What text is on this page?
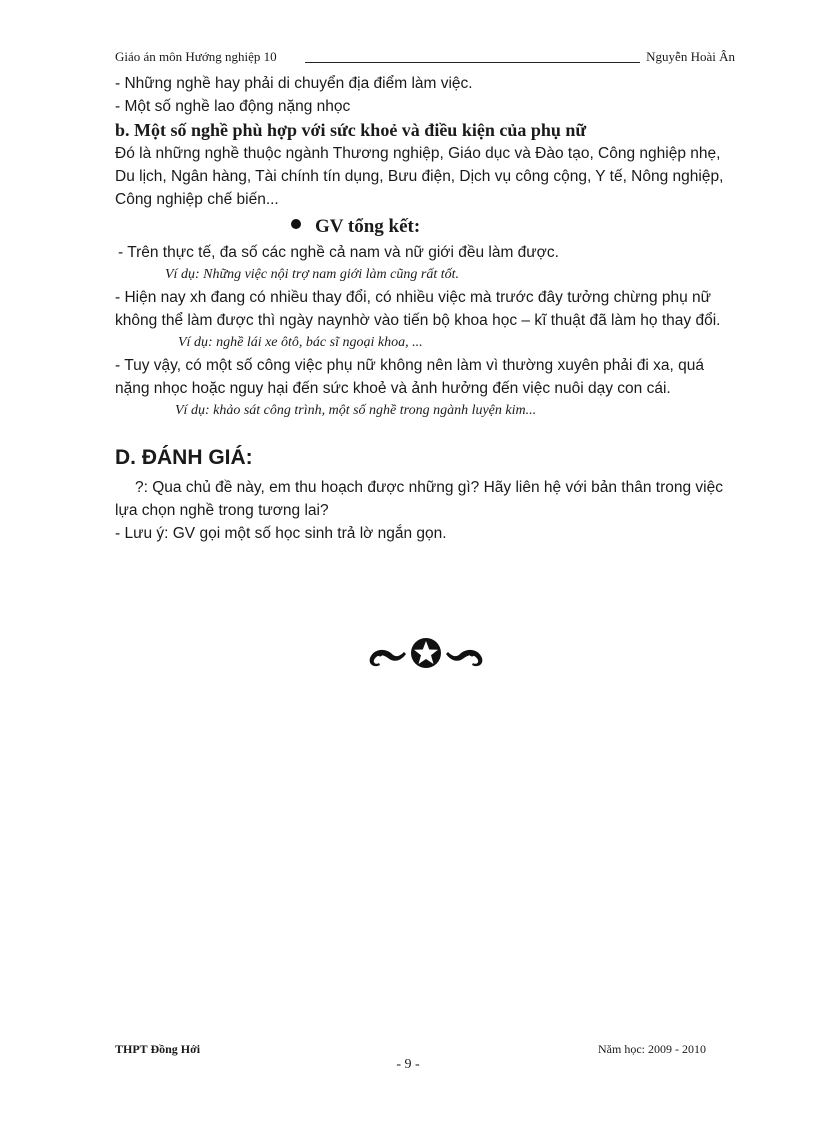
Giáo án môn Hướng nghiệp 10	Nguyễn Hoài Ân

- Những nghề hay phải di chuyển địa điểm làm việc.

- Một số nghề lao động nặng nhọc

b. Một số nghề phù hợp với sức khoẻ và điều kiện của phụ nữ

Đó là những nghề thuộc ngành Thương nghiệp, Giáo dục và Đào tạo, Công nghiệp nhẹ, Du lịch, Ngân hàng, Tài chính tín dụng, Bưu điện, Dịch vụ công cộng, Y tế, Nông nghiệp, Công nghiệp chế biến...

GV tổng kết:

- Trên thực tế, đa số các nghề cả nam và nữ giới đều làm được.

Ví dụ: Những việc nội trợ nam giới làm cũng rất tốt.

- Hiện nay xh đang có nhiều thay đổi, có nhiều việc mà trước đây tưởng chừng phụ nữ không thể làm được thì ngày naynhờ vào tiến bộ khoa học – kĩ thuật đã làm họ thay đổi.

Ví dụ: nghề lái xe ôtô, bác sĩ ngoại khoa, ...

- Tuy vậy, có một số công việc phụ nữ không nên làm vì thường xuyên phải đi xa, quá nặng nhọc hoặc nguy hại đến sức khoẻ và ảnh hưởng đến việc nuôi dạy con cái.

Ví dụ: khảo sát công trình, một số nghề trong ngành luyện kim...

D. ĐÁNH GIÁ:

?: Qua chủ đề này, em thu hoạch được những gì? Hãy liên hệ với bản thân trong việc lựa chọn nghề trong tương lai?

- Lưu ý: GV gọi một số học sinh trả lờ ngắn gọn.

THPT Đồng Hới	Năm học: 2009 - 2010
- 9 -
